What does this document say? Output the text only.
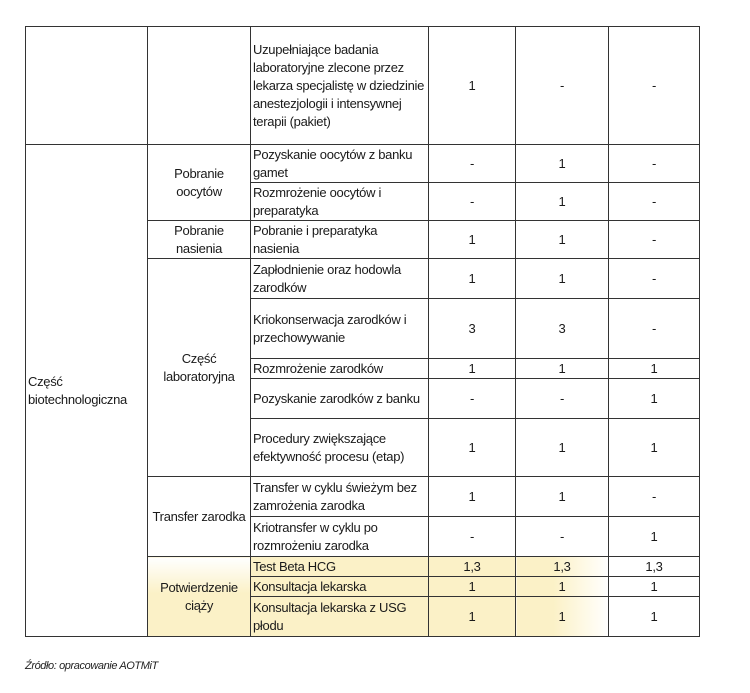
		Uzupełniające badania laboratoryjne zlecone przez lekarza specjalistę w dziedzinie anestezjologii i intensywnej terapii (pakiet)	1	-	-
Część biotechnologiczna	Pobranie oocytów	Pozyskanie oocytów z banku gamet	-	1	-
		Rozmrożenie oocytów i preparatyka	-	1	-
	Pobranie nasienia	Pobranie i preparatyka nasienia	1	1	-
	Część laboratoryjna	Zapłodnienie oraz hodowla zarodków	1	1	-
		Kriokonserwacja zarodków i przechowywanie	3	3	-
		Rozmrożenie zarodków	1	1	1
		Pozyskanie zarodków z banku	-	-	1
		Procedury zwiększające efektywność procesu (etap)	1	1	1
	Transfer zarodka	Transfer w cyklu świeżym bez zamrożenia zarodka	1	1	-
		Kriotransfer w cyklu po rozmrożeniu zarodka	-	-	1
	Potwierdzenie ciąży	Test Beta HCG	1,3	1,3	1,3
		Konsultacja lekarska	1	1	1
		Konsultacja lekarska z USG płodu	1	1	1
Źródło: opracowanie AOTMiT
